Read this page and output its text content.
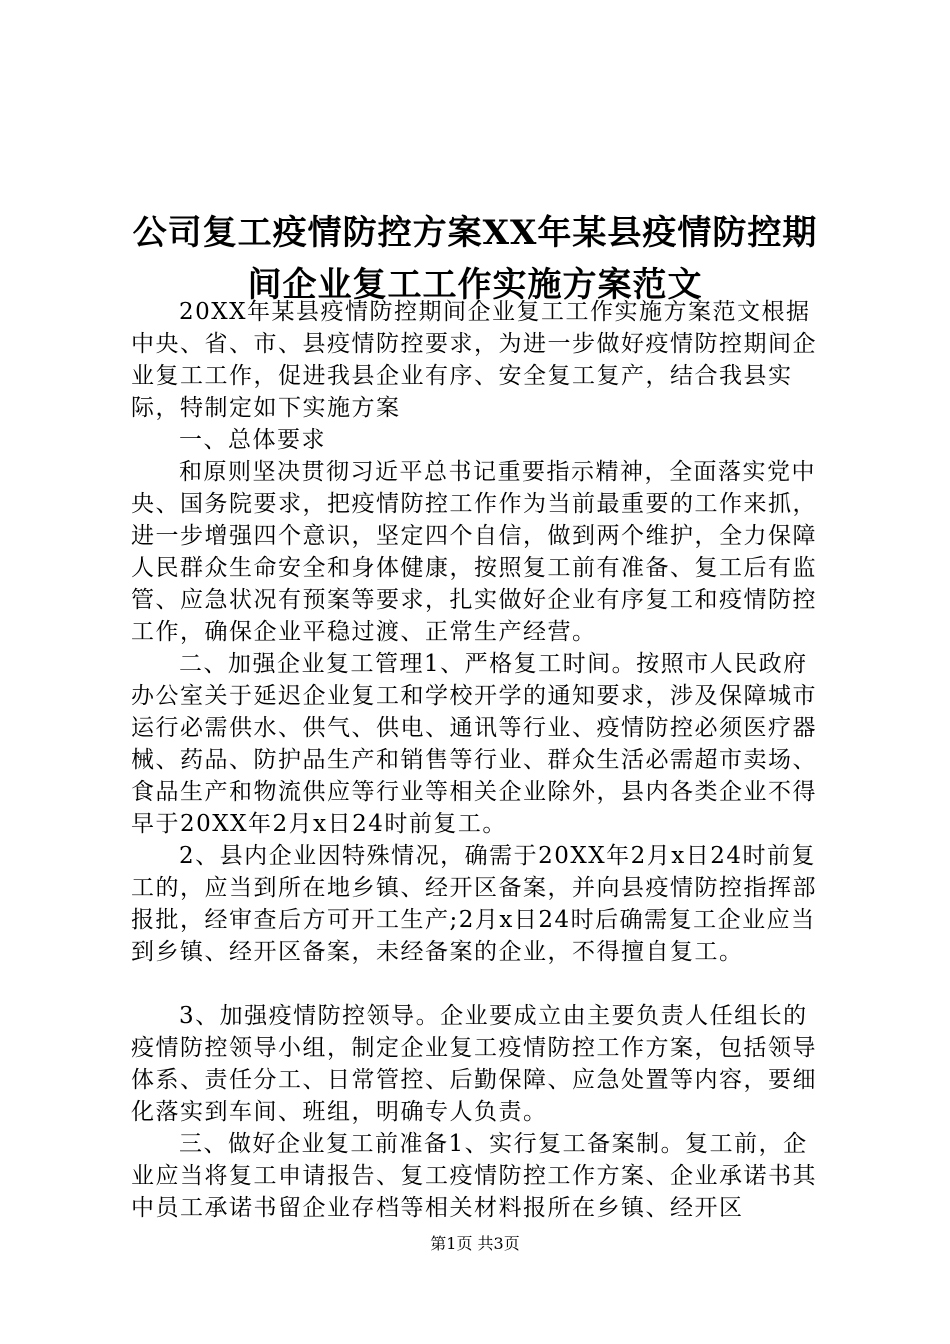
公司复工疫情防控方案XX年某县疫情防控期
间企业复工工作实施方案范文

20XX年某县疫情防控期间企业复工工作实施方案范文根据中央、省、市、县疫情防控要求，为进一步做好疫情防控期间企业复工工作，促进我县企业有序、安全复工复产，结合我县实际，特制定如下实施方案

一、总体要求

和原则坚决贯彻习近平总书记重要指示精神，全面落实党中央、国务院要求，把疫情防控工作作为当前最重要的工作来抓，进一步增强四个意识，坚定四个自信，做到两个维护，全力保障人民群众生命安全和身体健康，按照复工前有准备、复工后有监管、应急状况有预案等要求，扎实做好企业有序复工和疫情防控工作，确保企业平稳过渡、正常生产经营。

二、加强企业复工管理1、严格复工时间。按照市人民政府办公室关于延迟企业复工和学校开学的通知要求，涉及保障城市运行必需供水、供气、供电、通讯等行业、疫情防控必须医疗器械、药品、防护品生产和销售等行业、群众生活必需超市卖场、食品生产和物流供应等行业等相关企业除外，县内各类企业不得早于20XX年2月x日24时前复工。

2、县内企业因特殊情况，确需于20XX年2月x日24时前复工的，应当到所在地乡镇、经开区备案，并向县疫情防控指挥部报批，经审查后方可开工生产;2月x日24时后确需复工企业应当到乡镇、经开区备案，未经备案的企业，不得擅自复工。

3、加强疫情防控领导。企业要成立由主要负责人任组长的疫情防控领导小组，制定企业复工疫情防控工作方案，包括领导体系、责任分工、日常管控、后勤保障、应急处置等内容，要细化落实到车间、班组，明确专人负责。

三、做好企业复工前准备1、实行复工备案制。复工前，企业应当将复工申请报告、复工疫情防控工作方案、企业承诺书其中员工承诺书留企业存档等相关材料报所在乡镇、经开区

第1页 共3页
